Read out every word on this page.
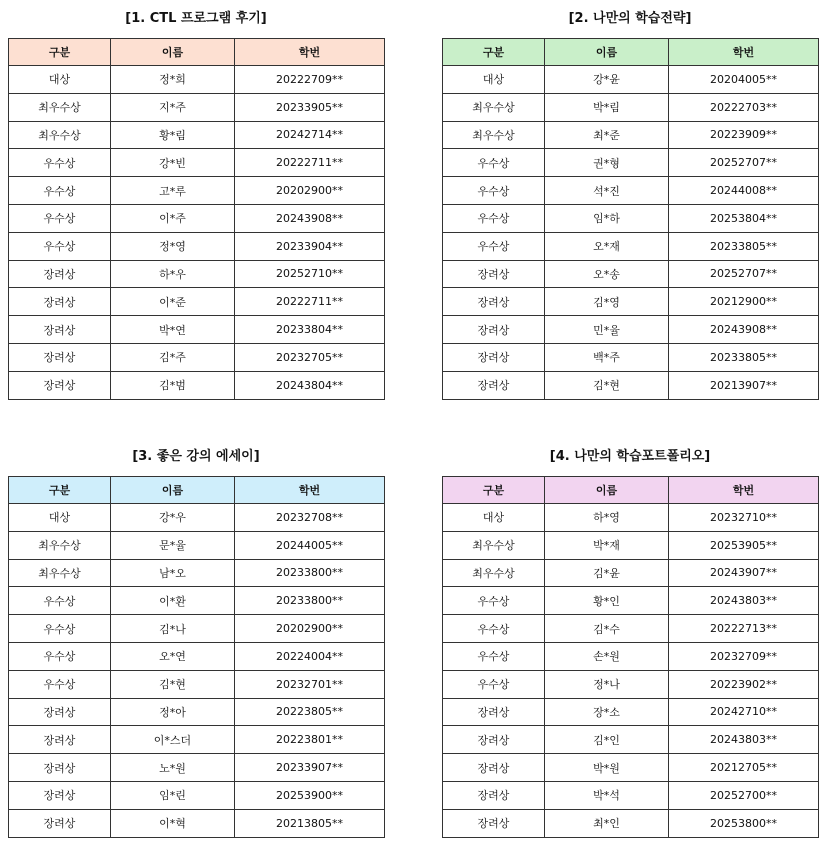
[1. CTL 프로그램 후기]
구분	이름	학번
대상	정*희	20222709**
최우수상	지*주	20233905**
최우수상	황*림	20242714**
우수상	강*빈	20222711**
우수상	고*루	20202900**
우수상	이*주	20243908**
우수상	정*영	20233904**
장려상	하*우	20252710**
장려상	이*준	20222711**
장려상	박*연	20233804**
장려상	김*주	20232705**
장려상	김*범	20243804**
[2. 나만의 학습전략]
구분	이름	학번
대상	강*윤	20204005**
최우수상	박*림	20222703**
최우수상	최*준	20223909**
우수상	권*형	20252707**
우수상	석*진	20244008**
우수상	임*하	20253804**
우수상	오*재	20233805**
장려상	오*송	20252707**
장려상	김*영	20212900**
장려상	민*율	20243908**
장려상	백*주	20233805**
장려상	김*현	20213907**
[3. 좋은 강의 에세이]
구분	이름	학번
대상	강*우	20232708**
최우수상	문*율	20244005**
최우수상	남*오	20233800**
우수상	이*환	20233800**
우수상	김*나	20202900**
우수상	오*연	20224004**
우수상	김*현	20232701**
장려상	정*아	20223805**
장려상	이*스더	20223801**
장려상	노*원	20233907**
장려상	임*린	20253900**
장려상	이*혁	20213805**
[4. 나만의 학습포트폴리오]
구분	이름	학번
대상	하*영	20232710**
최우수상	박*재	20253905**
최우수상	김*윤	20243907**
우수상	황*인	20243803**
우수상	김*수	20222713**
우수상	손*원	20232709**
우수상	정*나	20223902**
장려상	장*소	20242710**
장려상	김*인	20243803**
장려상	박*원	20212705**
장려상	박*석	20252700**
장려상	최*인	20253800**
